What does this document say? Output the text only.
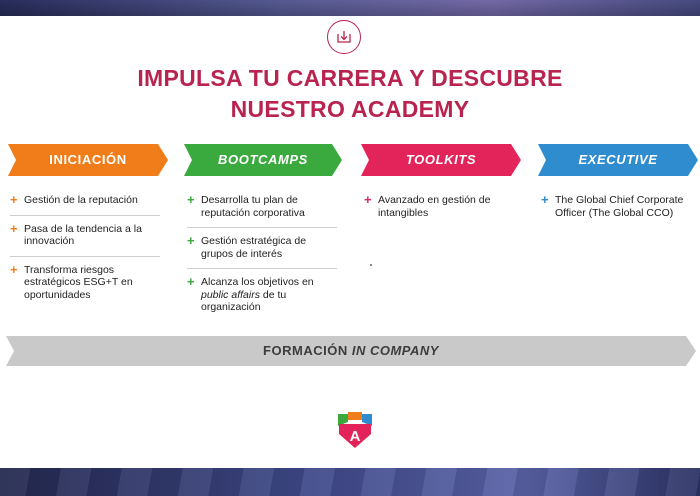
IMPULSA TU CARRERA Y DESCUBRE
NUESTRO ACADEMY
INICIACIÓN	BOOTCAMPS	TOOLKITS	EXECUTIVE
+ Gestión de la reputación
+ Pasa de la tendencia a la innovación
+ Transforma riesgos estratégicos ESG+T en oportunidades
+ Desarrolla tu plan de reputación corporativa
+ Gestión estratégica de grupos de interés
+ Alcanza los objetivos en public affairs de tu organización
+ Avanzado en gestión de intangibles
+ The Global Chief Corporate Officer (The Global CCO)
FORMACIÓN IN COMPANY
A
